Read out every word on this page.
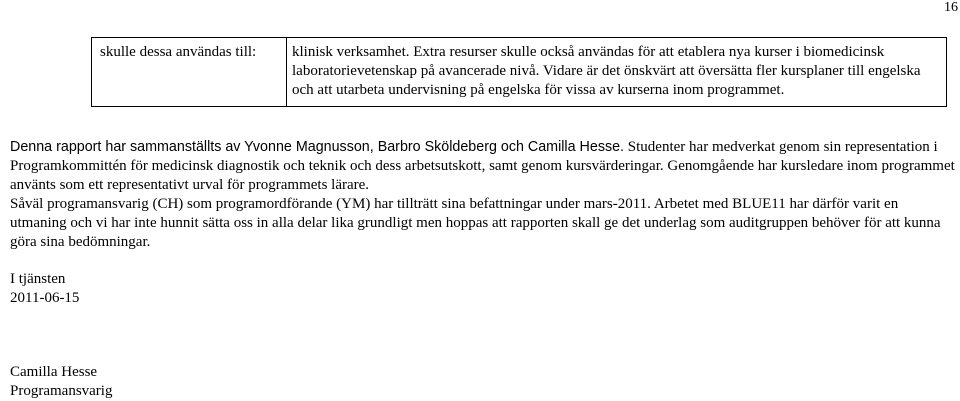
16
skulle dessa användas till:	klinisk verksamhet. Extra resurser skulle också användas för att etablera nya kurser i biomedicinsk laboratorievetenskap på avancerade nivå. Vidare är det önskvärt att översätta fler kursplaner till engelska och att utarbeta undervisning på engelska för vissa av kurserna inom programmet.
Denna rapport har sammanställts av Yvonne Magnusson, Barbro Sköldeberg och Camilla Hesse. Studenter har medverkat genom sin representation i Programkommittén för medicinsk diagnostik och teknik och dess arbetsutskott, samt genom kursvärderingar. Genomgående har kursledare inom programmet använts som ett representativt urval för programmets lärare.
Såväl programansvarig (CH) som programordförande (YM) har tillträtt sina befattningar under mars-2011. Arbetet med BLUE11 har därför varit en utmaning och vi har inte hunnit sätta oss in alla delar lika grundligt men hoppas att rapporten skall ge det underlag som auditgruppen behöver för att kunna göra sina bedömningar.
I tjänsten
2011-06-15
Camilla Hesse
Programansvarig
